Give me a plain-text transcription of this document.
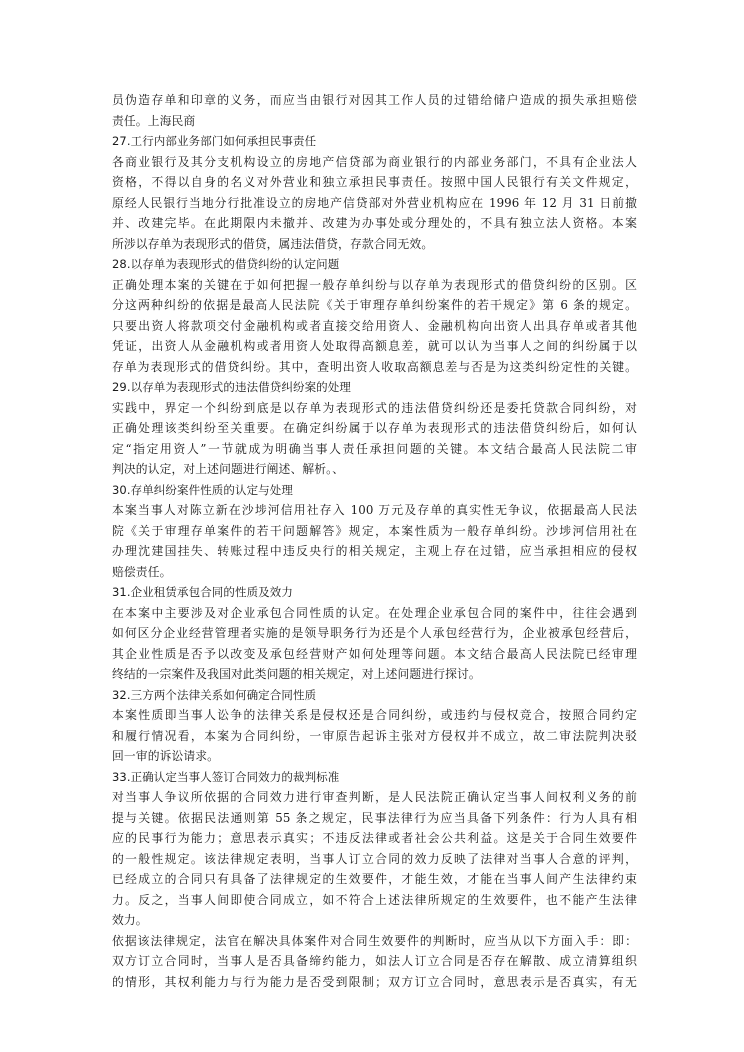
员伪造存单和印章的义务，而应当由银行对因其工作人员的过错给储户造成的损失承担赔偿
责任。上海民商
27.工行内部业务部门如何承担民事责任
各商业银行及其分支机构设立的房地产信贷部为商业银行的内部业务部门，不具有企业法人
资格，不得以自身的名义对外营业和独立承担民事责任。按照中国人民银行有关文件规定，
原经人民银行当地分行批准设立的房地产信贷部对外营业机构应在 1996 年 12 月 31 日前撤
并、改建完毕。在此期限内未撤并、改建为办事处或分理处的，不具有独立法人资格。本案
所涉以存单为表现形式的借贷，属违法借贷，存款合同无效。
28.以存单为表现形式的借贷纠纷的认定问题
正确处理本案的关键在于如何把握一般存单纠纷与以存单为表现形式的借贷纠纷的区别。区
分这两种纠纷的依据是最高人民法院《关于审理存单纠纷案件的若干规定》第 6 条的规定。
只要出资人将款项交付金融机构或者直接交给用资人、金融机构向出资人出具存单或者其他
凭证，出资人从金融机构或者用资人处取得高额息差，就可以认为当事人之间的纠纷属于以
存单为表现形式的借贷纠纷。其中，查明出资人收取高额息差与否是为这类纠纷定性的关键。
29.以存单为表现形式的违法借贷纠纷案的处理
实践中，界定一个纠纷到底是以存单为表现形式的违法借贷纠纷还是委托贷款合同纠纷，对
正确处理该类纠纷至关重要。在确定纠纷属于以存单为表现形式的违法借贷纠纷后，如何认
定“指定用资人”一节就成为明确当事人责任承担问题的关键。本文结合最高人民法院二审
判决的认定，对上述问题进行阐述、解析。、
30.存单纠纷案件性质的认定与处理
本案当事人对陈立新在沙埗河信用社存入 100 万元及存单的真实性无争议，依据最高人民法
院《关于审理存单案件的若干问题解答》规定，本案性质为一般存单纠纷。沙埗河信用社在
办理沈建国挂失、转账过程中违反央行的相关规定，主观上存在过错，应当承担相应的侵权
赔偿责任。
31.企业租赁承包合同的性质及效力
在本案中主要涉及对企业承包合同性质的认定。在处理企业承包合同的案件中，往往会遇到
如何区分企业经营管理者实施的是领导职务行为还是个人承包经营行为，企业被承包经营后，
其企业性质是否予以改变及承包经营财产如何处理等问题。本文结合最高人民法院已经审理
终结的一宗案件及我国对此类问题的相关规定，对上述问题进行探讨。
32.三方两个法律关系如何确定合同性质
本案性质即当事人讼争的法律关系是侵权还是合同纠纷，或违约与侵权竞合，按照合同约定
和履行情况看，本案为合同纠纷，一审原告起诉主张对方侵权并不成立，故二审法院判决驳
回一审的诉讼请求。
33.正确认定当事人签订合同效力的裁判标准
对当事人争议所依据的合同效力进行审查判断，是人民法院正确认定当事人间权利义务的前
提与关键。依据民法通则第 55 条之规定，民事法律行为应当具备下列条件：行为人具有相
应的民事行为能力；意思表示真实；不违反法律或者社会公共利益。这是关于合同生效要件
的一般性规定。该法律规定表明，当事人订立合同的效力反映了法律对当事人合意的评判，
已经成立的合同只有具备了法律规定的生效要件，才能生效，才能在当事人间产生法律约束
力。反之，当事人间即使合同成立，如不符合上述法律所规定的生效要件，也不能产生法律
效力。
依据该法律规定，法官在解决具体案件对合同生效要件的判断时，应当从以下方面入手：即：
双方订立合同时，当事人是否具备缔约能力，如法人订立合同是否存在解散、成立清算组织
的情形，其权利能力与行为能力是否受到限制；双方订立合同时，意思表示是否真实，有无
